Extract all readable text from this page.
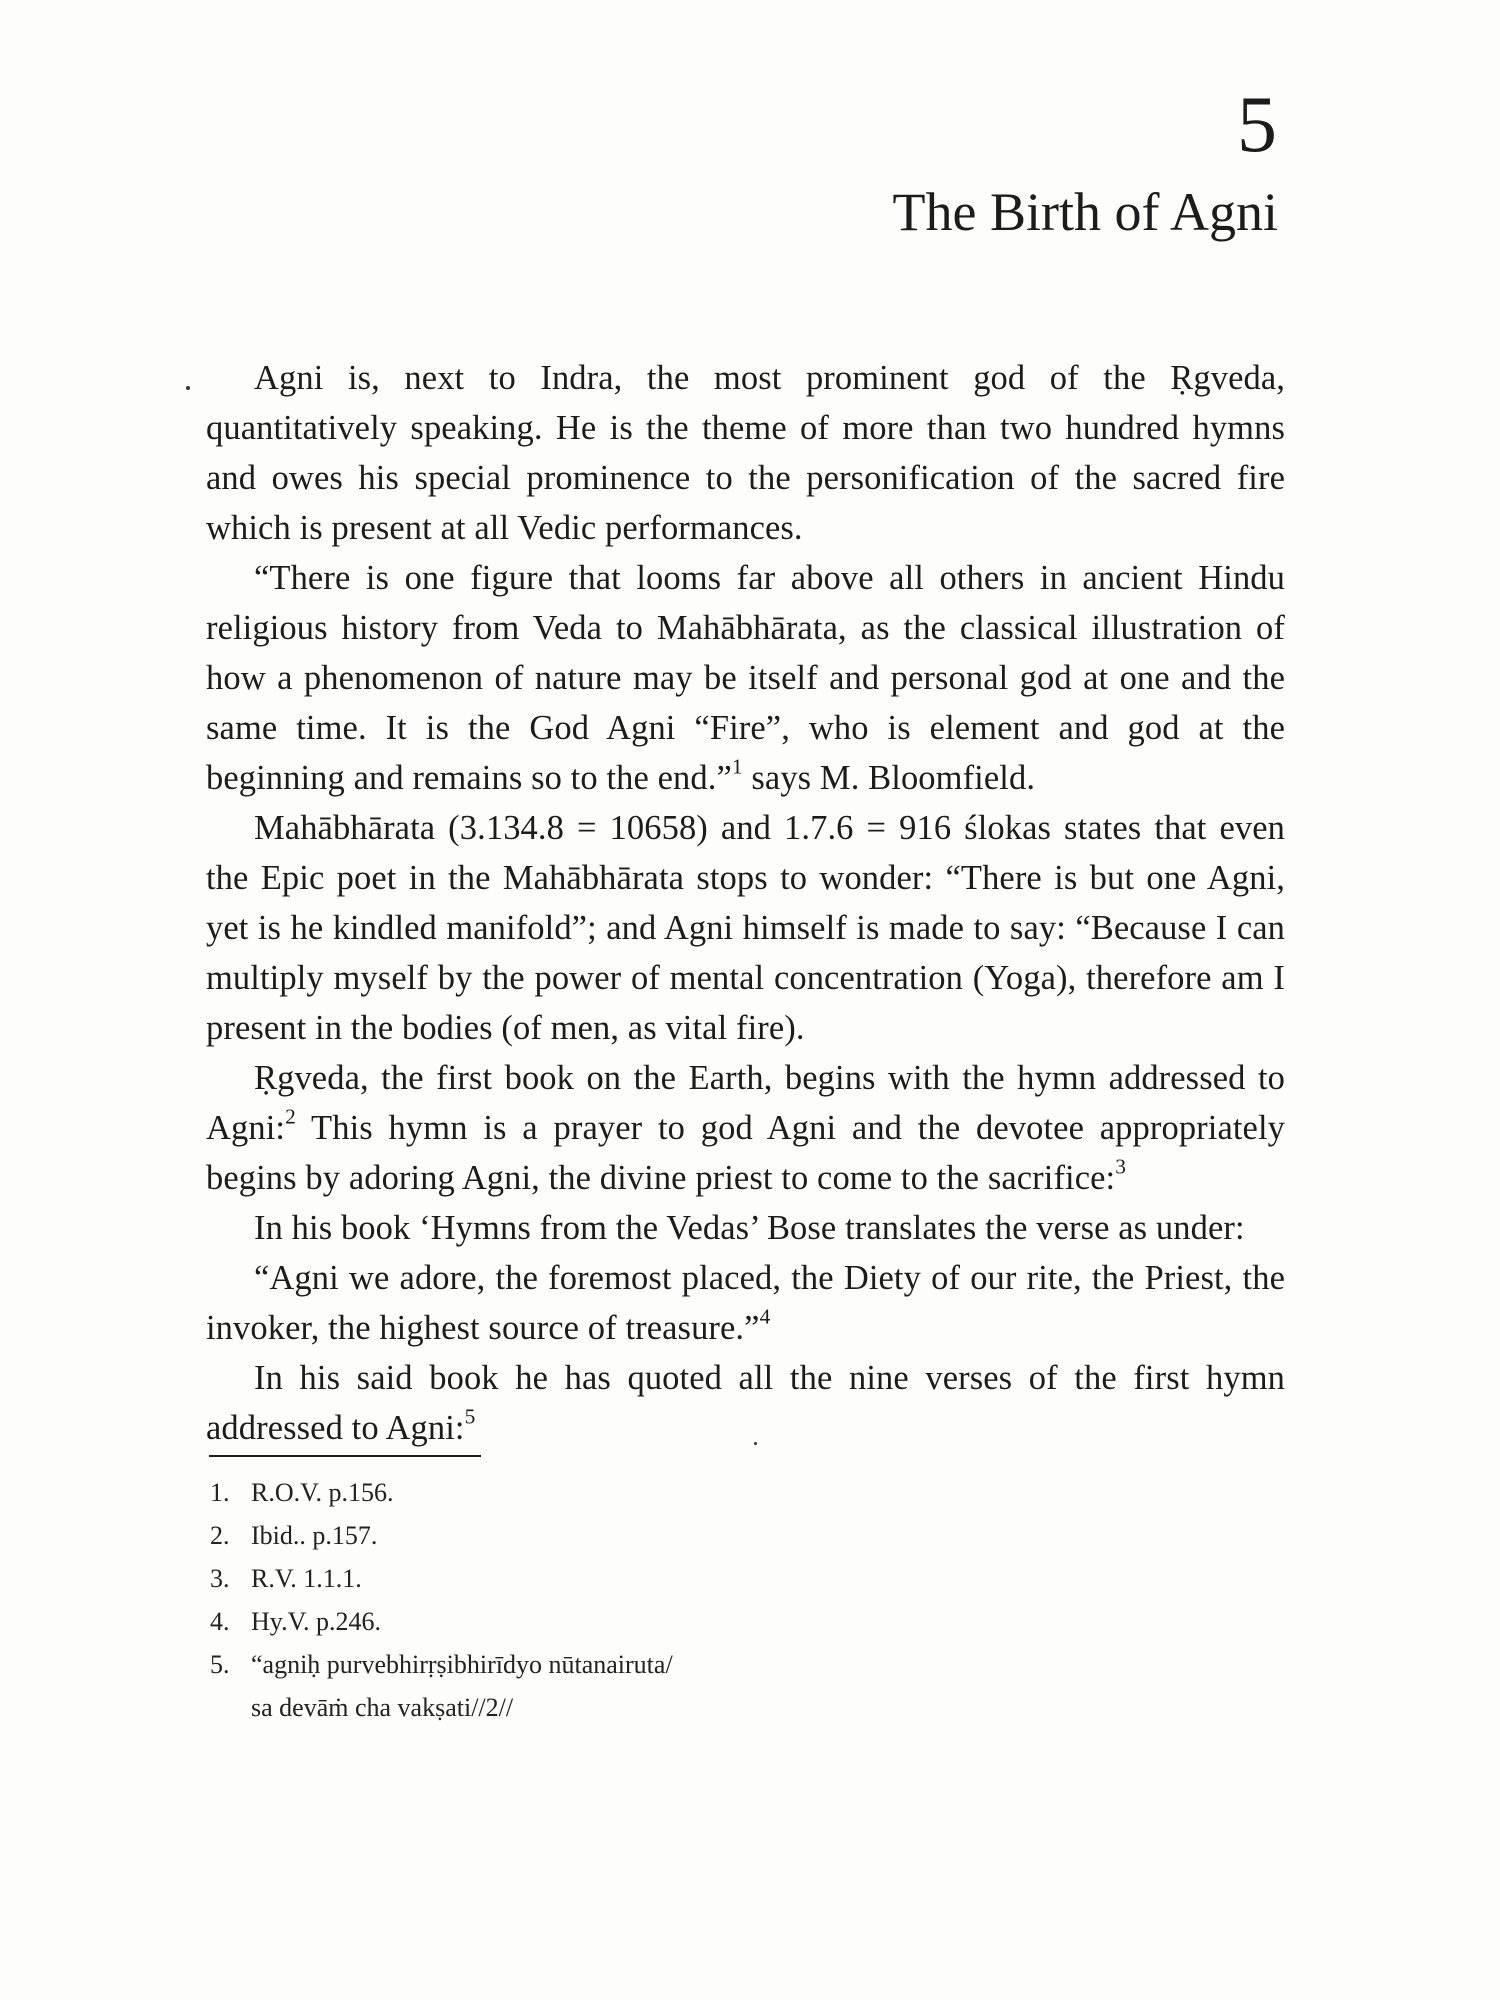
5
The Birth of Agni

Agni is, next to Indra, the most prominent god of the Ṛgveda, quantitatively speaking. He is the theme of more than two hundred hymns and owes his special prominence to the personification of the sacred fire which is present at all Vedic performances.

“There is one figure that looms far above all others in ancient Hindu religious history from Veda to Mahābhārata, as the classical illustration of how a phenomenon of nature may be itself and personal god at one and the same time. It is the God Agni “Fire”, who is element and god at the beginning and remains so to the end.”$^1$ says M. Bloomfield.

Mahābhārata (3.134.8 = 10658) and 1.7.6 = 916 ślokas states that even the Epic poet in the Mahābhārata stops to wonder: “There is but one Agni, yet is he kindled manifold”; and Agni himself is made to say: “Because I can multiply myself by the power of mental concentration (Yoga), therefore am I present in the bodies (of men, as vital fire).

Ṛgveda, the first book on the Earth, begins with the hymn addressed to Agni:$^2$ This hymn is a prayer to god Agni and the devotee appropriately begins by adoring Agni, the divine priest to come to the sacrifice:$^3$

In his book ‘Hymns from the Vedas’ Bose translates the verse as under:

“Agni we adore, the foremost placed, the Diety of our rite, the Priest, the invoker, the highest source of treasure.”$^4$

In his said book he has quoted all the nine verses of the first hymn addressed to Agni:$^5$

1. R.O.V. p.156.
2. Ibid.. p.157.
3. R.V. 1.1.1.
4. Hy.V. p.246.
5. “agniḥ purvebhirṛṣibhirīdyo nūtanairuta/
sa devāṁ cha vakṣati//2//
